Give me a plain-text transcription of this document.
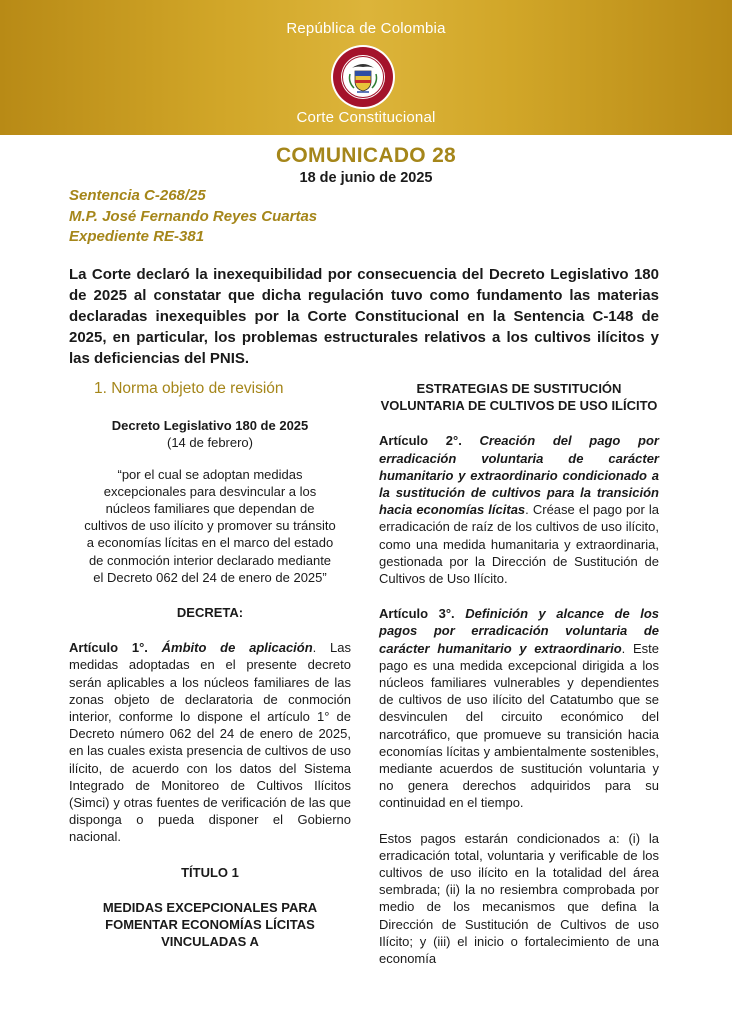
República de Colombia
Corte Constitucional
COMUNICADO 28
18 de junio de 2025
Sentencia C-268/25
M.P. José Fernando Reyes Cuartas
Expediente RE-381
La Corte declaró la inexequibilidad por consecuencia del Decreto Legislativo 180 de 2025 al constatar que dicha regulación tuvo como fundamento las materias declaradas inexequibles por la Corte Constitucional en la Sentencia C-148 de 2025, en particular, los problemas estructurales relativos a los cultivos ilícitos y las deficiencias del PNIS.
1. Norma objeto de revisión

Decreto Legislativo 180 de 2025

(14 de febrero)

“por el cual se adoptan medidas excepcionales para desvincular a los núcleos familiares que dependan de cultivos de uso ilícito y promover su tránsito a economías lícitas en el marco del estado de conmoción interior declarado mediante el Decreto 062 del 24 de enero de 2025”

DECRETA:

Artículo 1°. Ámbito de aplicación. Las medidas adoptadas en el presente decreto serán aplicables a los núcleos familiares de las zonas objeto de declaratoria de conmoción interior, conforme lo dispone el artículo 1° de Decreto número 062 del 24 de enero de 2025, en las cuales exista presencia de cultivos de uso ilícito, de acuerdo con los datos del Sistema Integrado de Monitoreo de Cultivos Ilícitos (Simci) y otras fuentes de verificación de las que disponga o pueda disponer el Gobierno nacional.

TÍTULO 1

MEDIDAS EXCEPCIONALES PARA FOMENTAR ECONOMÍAS LÍCITAS VINCULADAS A

ESTRATEGIAS DE SUSTITUCIÓN VOLUNTARIA DE CULTIVOS DE USO ILÍCITO

Artículo 2°. Creación del pago por erradicación voluntaria de carácter humanitario y extraordinario condicionado a la sustitución de cultivos para la transición hacia economías lícitas. Créase el pago por la erradicación de raíz de los cultivos de uso ilícito, como una medida humanitaria y extraordinaria, gestionada por la Dirección de Sustitución de Cultivos de Uso Ilícito.

Artículo 3°. Definición y alcance de los pagos por erradicación voluntaria de carácter humanitario y extraordinario. Este pago es una medida excepcional dirigida a los núcleos familiares vulnerables y dependientes de cultivos de uso ilícito del Catatumbo que se desvinculen del circuito económico del narcotráfico, que promueve su transición hacia economías lícitas y ambientalmente sostenibles, mediante acuerdos de sustitución voluntaria y no genera derechos adquiridos para su continuidad en el tiempo.

Estos pagos estarán condicionados a: (i) la erradicación total, voluntaria y verificable de los cultivos de uso ilícito en la totalidad del área sembrada; (ii) la no resiembra comprobada por medio de los mecanismos que defina la Dirección de Sustitución de Cultivos de uso Ilícito; y (iii) el inicio o fortalecimiento de una economía
